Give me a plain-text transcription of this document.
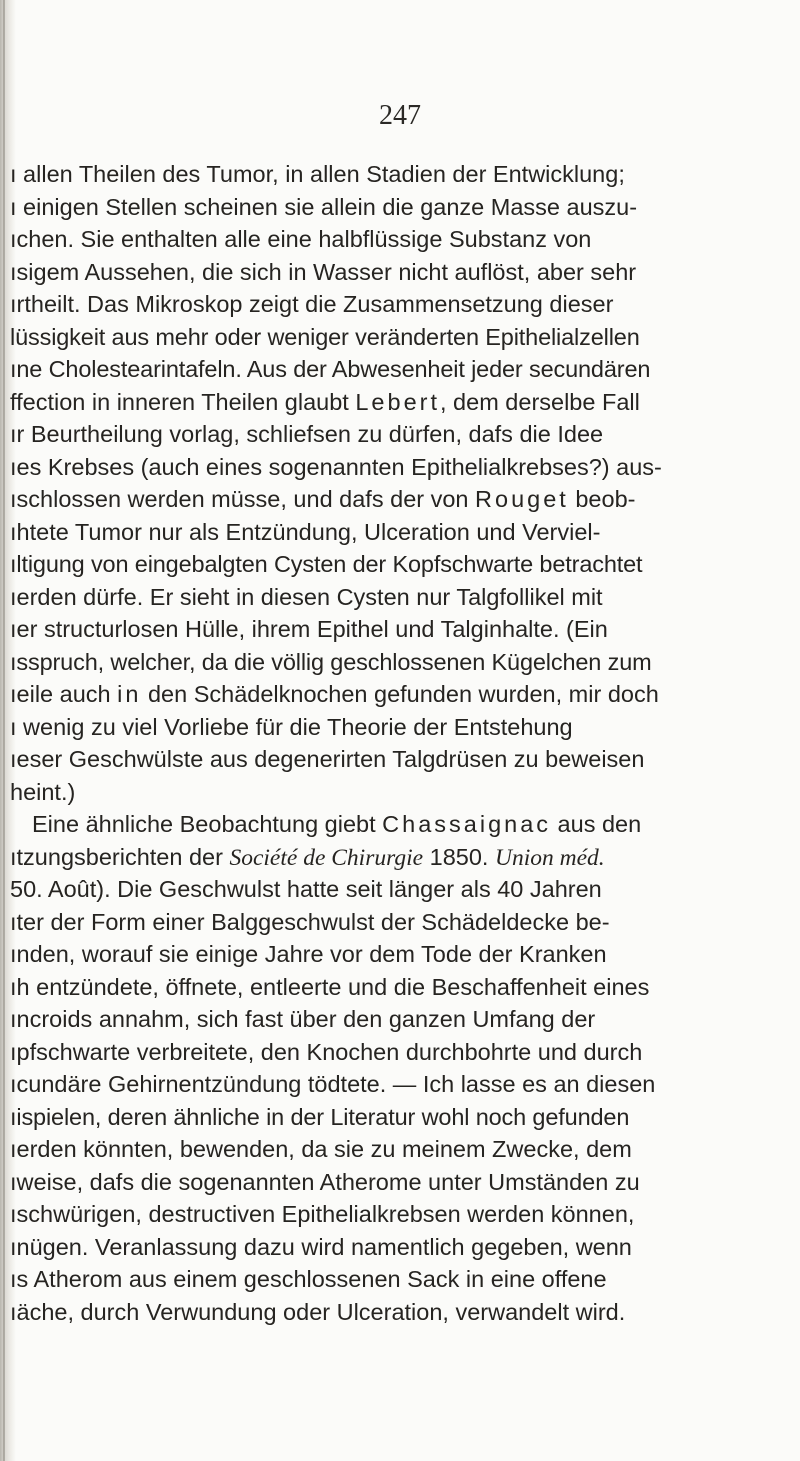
247
ı allen Theilen des Tumor, in allen Stadien der Entwicklung;
ı einigen Stellen scheinen sie allein die ganze Masse auszu-
ıchen. Sie enthalten alle eine halbflüssige Substanz von
ısigem Aussehen, die sich in Wasser nicht auflöst, aber sehr
ırtheilt. Das Mikroskop zeigt die Zusammensetzung dieser
lüssigkeit aus mehr oder weniger veränderten Epithelialzellen
ıne Cholestearintafeln. Aus der Abwesenheit jeder secundären
ffection in inneren Theilen glaubt Lebert, dem derselbe Fall
ır Beurtheilung vorlag, schliefsen zu dürfen, dafs die Idee
ıes Krebses (auch eines sogenannten Epithelialkrebses?) aus-
ıschlossen werden müsse, und dafs der von Rouget beob-
ıhtete Tumor nur als Entzündung, Ulceration und Verviel-
ıltigung von eingebalgten Cysten der Kopfschwarte betrachtet
ıerden dürfe. Er sieht in diesen Cysten nur Talgfollikel mit
ıer structurlosen Hülle, ihrem Epithel und Talginhalte. (Ein
ısspruch, welcher, da die völlig geschlossenen Kügelchen zum
ıeile auch in den Schädelknochen gefunden wurden, mir doch
ı wenig zu viel Vorliebe für die Theorie der Entstehung
ıeser Geschwülste aus degenerirten Talgdrüsen zu beweisen
heint.)
Eine ähnliche Beobachtung giebt Chassaignac aus den
ıtzungsberichten der Société de Chirurgie 1850. Union méd.
50. Août). Die Geschwulst hatte seit länger als 40 Jahren
ıter der Form einer Balggeschwulst der Schädeldecke be-
ınden, worauf sie einige Jahre vor dem Tode der Kranken
ıh entzündete, öffnete, entleerte und die Beschaffenheit eines
ıncroids annahm, sich fast über den ganzen Umfang der
ıpfschwarte verbreitete, den Knochen durchbohrte und durch
ıcundäre Gehirnentzündung tödtete. — Ich lasse es an diesen
ıispielen, deren ähnliche in der Literatur wohl noch gefunden
ıerden könnten, bewenden, da sie zu meinem Zwecke, dem
ıweise, dafs die sogenannten Atherome unter Umständen zu
ıschwürigen, destructiven Epithelialkrebsen werden können,
ınügen. Veranlassung dazu wird namentlich gegeben, wenn
ıs Atherom aus einem geschlossenen Sack in eine offene
ıäche, durch Verwundung oder Ulceration, verwandelt wird.
